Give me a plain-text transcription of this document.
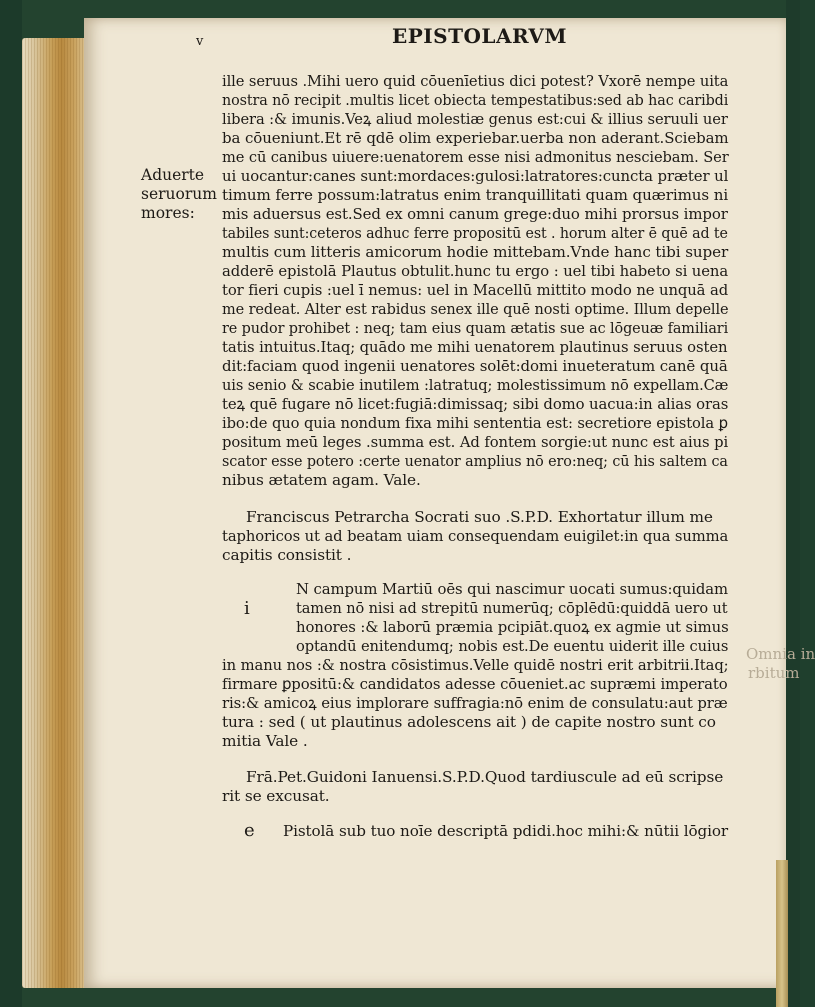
v	EPISTOLARVM
Aduerte
seruorum
mores:
Omnia in
rbitum
ille seruus .Mihi uero quid cōuenīetius dici potest? Vxorē nempe uita
nostra nō recipit .multis licet obiecta tempestatibus:sed ab hac caribdi
libera :& imunis.Veꝝ aliud molestiæ genus est:cui & illius seruuli uer
ba cōueniunt.Et rē qdē olim experiebar.uerba non aderant.Sciebam
me cū canibus uiuere:uenatorem esse nisi admonitus nesciebam. Ser
ui uocantur:canes sunt:mordaces:gulosi:latratores:cuncta præter ul
timum ferre possum:latratus enim tranquillitati quam quærimus ni
mis aduersus est.Sed ex omni canum grege:duo mihi prorsus impor
tabiles sunt:ceteros adhuc ferre propositū est . horum alter ē quē ad te
multis cum litteris amicorum hodie mittebam.Vnde hanc tibi super
adderē epistolā Plautus obtulit.hunc tu ergo : uel tibi habeto si uena
tor fieri cupis :uel ī nemus: uel in Macellū mittito modo ne unquā ad
me redeat. Alter est rabidus senex ille quē nosti optime. Illum depelle
re pudor prohibet : neq; tam eius quam ætatis sue ac lōgeuæ familiari
tatis intuitus.Itaq; quādo me mihi uenatorem plautinus seruus osten
dit:faciam quod ingenii uenatores solēt:domi inueteratum canē quā
uis senio & scabie inutilem :latratuq; molestissimum nō expellam.Cæ
teꝝ quē fugare nō licet:fugiā:dimissaq; sibi domo uacua:in alias oras
ibo:de quo quia nondum fixa mihi sententia est: secretiore epistola ꝑ
positum meū leges .summa est. Ad fontem sorgie:ut nunc est aius pi
scator esse potero :certe uenator amplius nō ero:neq; cū his saltem ca
nibus ætatem agam. Vale.
Franciscus Petrarcha Socrati suo .S.P.D. Exhortatur illum me
taphoricos ut ad beatam uiam consequendam euigilet:in qua summa
capitis consistit .
i
N campum Martiū oēs qui nascimur uocati sumus:quidam
tamen nō nisi ad strepitū numerūq; cōplēdū:quiddā uero ut
honores :& laborū præmia pcipiāt.quoꝝ ex agmie ut simus
optandū enitendumq; nobis est.De euentu uiderit ille cuius
in manu nos :& nostra cōsistimus.Velle quidē nostri erit arbitrii.Itaq;
firmare ꝑpositū:& candidatos adesse cōueniet.ac supræmi imperato
ris:& amicoꝝ eius implorare suffragia:nō enim de consulatu:aut præ
tura : sed ( ut plautinus adolescens ait ) de capite nostro sunt co
mitia Vale .
Frā.Pet.Guidoni Ianuensi.S.P.D.Quod tardiuscule ad eū scripse
rit se excusat.
e Pistolā sub tuo noīe descriptā pdidi.hoc mihi:& nūtii lōgior
